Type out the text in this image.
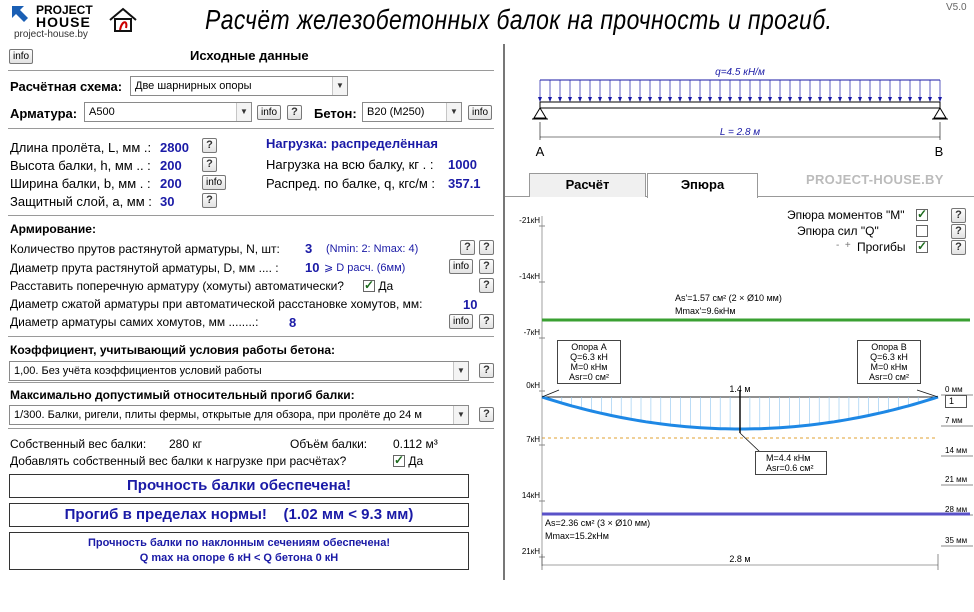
PROJECT
HOUSE
project-house.by	Расчёт железобетонных балок на прочность и прогиб.	V5.0
info	Исходные данные
Расчётная схема:	Две шарнирных опоры	▼
Арматура:	A500	▼	info	?	Бетон: B20 (M250)	▼	info
Длина пролёта, L, мм .: 2800	?
Высота балки, h, мм .. : 200	?
Ширина балки, b, мм . : 200	info
Защитный слой, а, мм : 30	?
Нагрузка: распределённая
Нагрузка на всю балку, кг . : 1000
Распред. по балке, q, кгс/м : 357.1
Армирование:
Количество прутов растянутой арматуры, N, шт: 3 (Nmin: 2: Nmax: 4)	?	?
Диаметр прута растянутой арматуры, D, мм .... : 10 ⩾ D расч. (6мм)	info	?
Расставить поперечную арматуру (хомуты) автоматически? ✓	Да	?
Диаметр сжатой арматуры при автоматической расстановке хомутов, мм:	10
Диаметр арматуры самих хомутов, мм ........: 8	info	?
Коэффициент, учитывающий условия работы бетона:
1,00. Без учёта коэффициентов условий работы	▼	?
Максимально допустимый относительный прогиб балки:
1/300. Балки, ригели, плиты фермы, открытые для обзора, при пролёте до 24 м	▼	?
Собственный вес балки: 280 кг	Объём балки: 0.112 м³
Добавлять собственный вес балки к нагрузке при расчётах? ✓	Да
Прочность балки обеспечена!
Прогиб в пределах нормы!    (1.02 мм < 9.3 мм)
Прочность балки по наклонным сечениям обеспечена!
Q max на опоре 6 кН < Q бетона 0 кН
q=4.5 кН/м
L = 2.8 м
A	B
Расчёт	Эпюра	PROJECT-HOUSE.BY
-21кН
-14кН
-7кН
0кН
7кН
14кН
21кН
0 мм
7 мм
14 мм
21 мм
28 мм
35 мм
1.4 м
As'=1.57 см² (2 × Ø10 мм)
Mmax'=9.6кНм
As=2.36 см² (3 × Ø10 мм)
Mmax=15.2кНм
2.8 м
Эпюра моментов "M" ✓	?
Эпюра сил "Q"	?
-  + Прогибы ✓	?
Опора А
Q=6.3 кН
M=0 кНм
Asr=0 см²
Опора В
Q=6.3 кН
M=0 кНм
Asr=0 см²
M=4.4 кНм
Asr=0.6 см²
1
